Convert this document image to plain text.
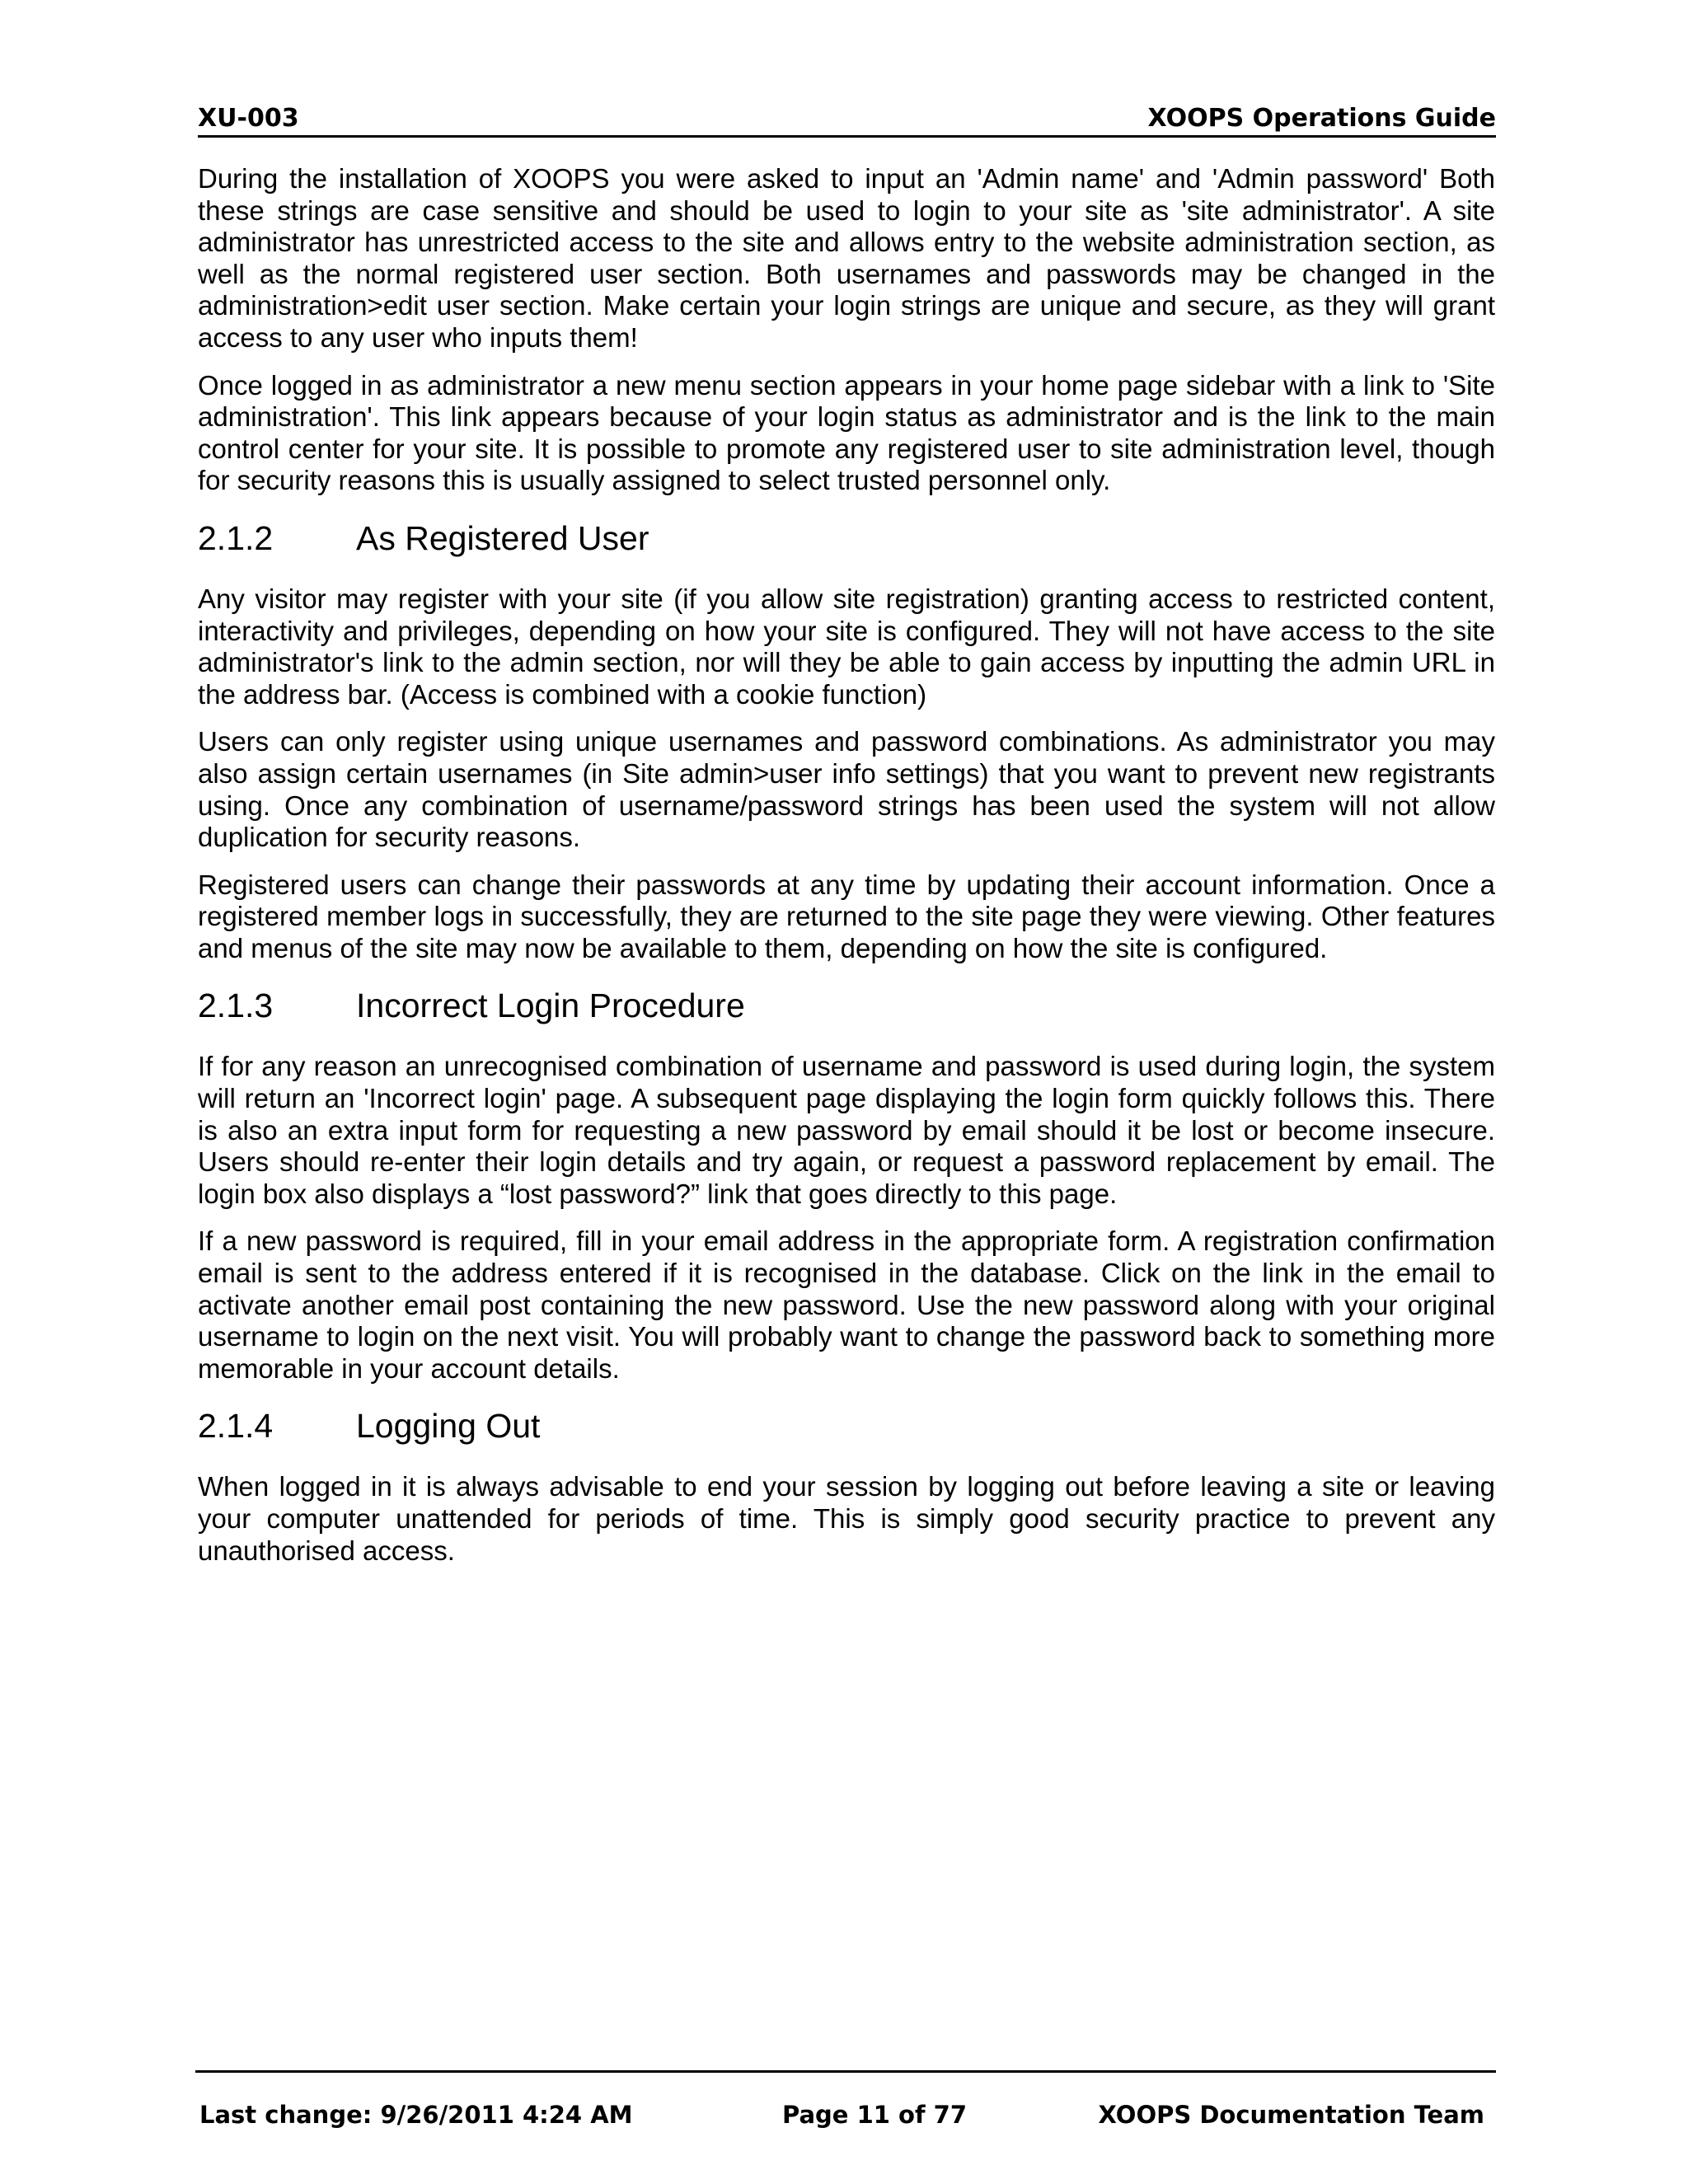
XU-003	XOOPS Operations Guide

During the installation of XOOPS you were asked to input an 'Admin name' and 'Admin password' Both these strings are case sensitive and should be used to login to your site as 'site administrator'. A site administrator has unrestricted access to the site and allows entry to the website administration section, as well as the normal registered user section. Both usernames and passwords may be changed in the administration>edit user section. Make certain your login strings are unique and secure, as they will grant access to any user who inputs them!

Once logged in as administrator a new menu section appears in your home page sidebar with a link to 'Site administration'. This link appears because of your login status as administrator and is the link to the main control center for your site. It is possible to promote any registered user to site administration level, though for security reasons this is usually assigned to select trusted personnel only.

2.1.2	As Registered User

Any visitor may register with your site (if you allow site registration) granting access to restricted content, interactivity and privileges, depending on how your site is configured. They will not have access to the site administrator's link to the admin section, nor will they be able to gain access by inputting the admin URL in the address bar. (Access is combined with a cookie function)

Users can only register using unique usernames and password combinations. As administrator you may also assign certain usernames (in Site admin>user info settings) that you want to prevent new registrants using. Once any combination of username/password strings has been used the system will not allow duplication for security reasons.

Registered users can change their passwords at any time by updating their account information. Once a registered member logs in successfully, they are returned to the site page they were viewing. Other features and menus of the site may now be available to them, depending on how the site is configured.

2.1.3	Incorrect Login Procedure

If for any reason an unrecognised combination of username and password is used during login, the system will return an 'Incorrect login' page. A subsequent page displaying the login form quickly follows this. There is also an extra input form for requesting a new password by email should it be lost or become insecure. Users should re-enter their login details and try again, or request a password replacement by email. The login box also displays a “lost password?” link that goes directly to this page.

If a new password is required, fill in your email address in the appropriate form. A registration confirmation email is sent to the address entered if it is recognised in the database. Click on the link in the email to activate another email post containing the new password. Use the new password along with your original username to login on the next visit. You will probably want to change the password back to something more memorable in your account details.

2.1.4	Logging Out

When logged in it is always advisable to end your session by logging out before leaving a site or leaving your computer unattended for periods of time. This is simply good security practice to prevent any unauthorised access.

Last change: 9/26/2011 4:24 AM	Page 11 of 77	XOOPS Documentation Team
